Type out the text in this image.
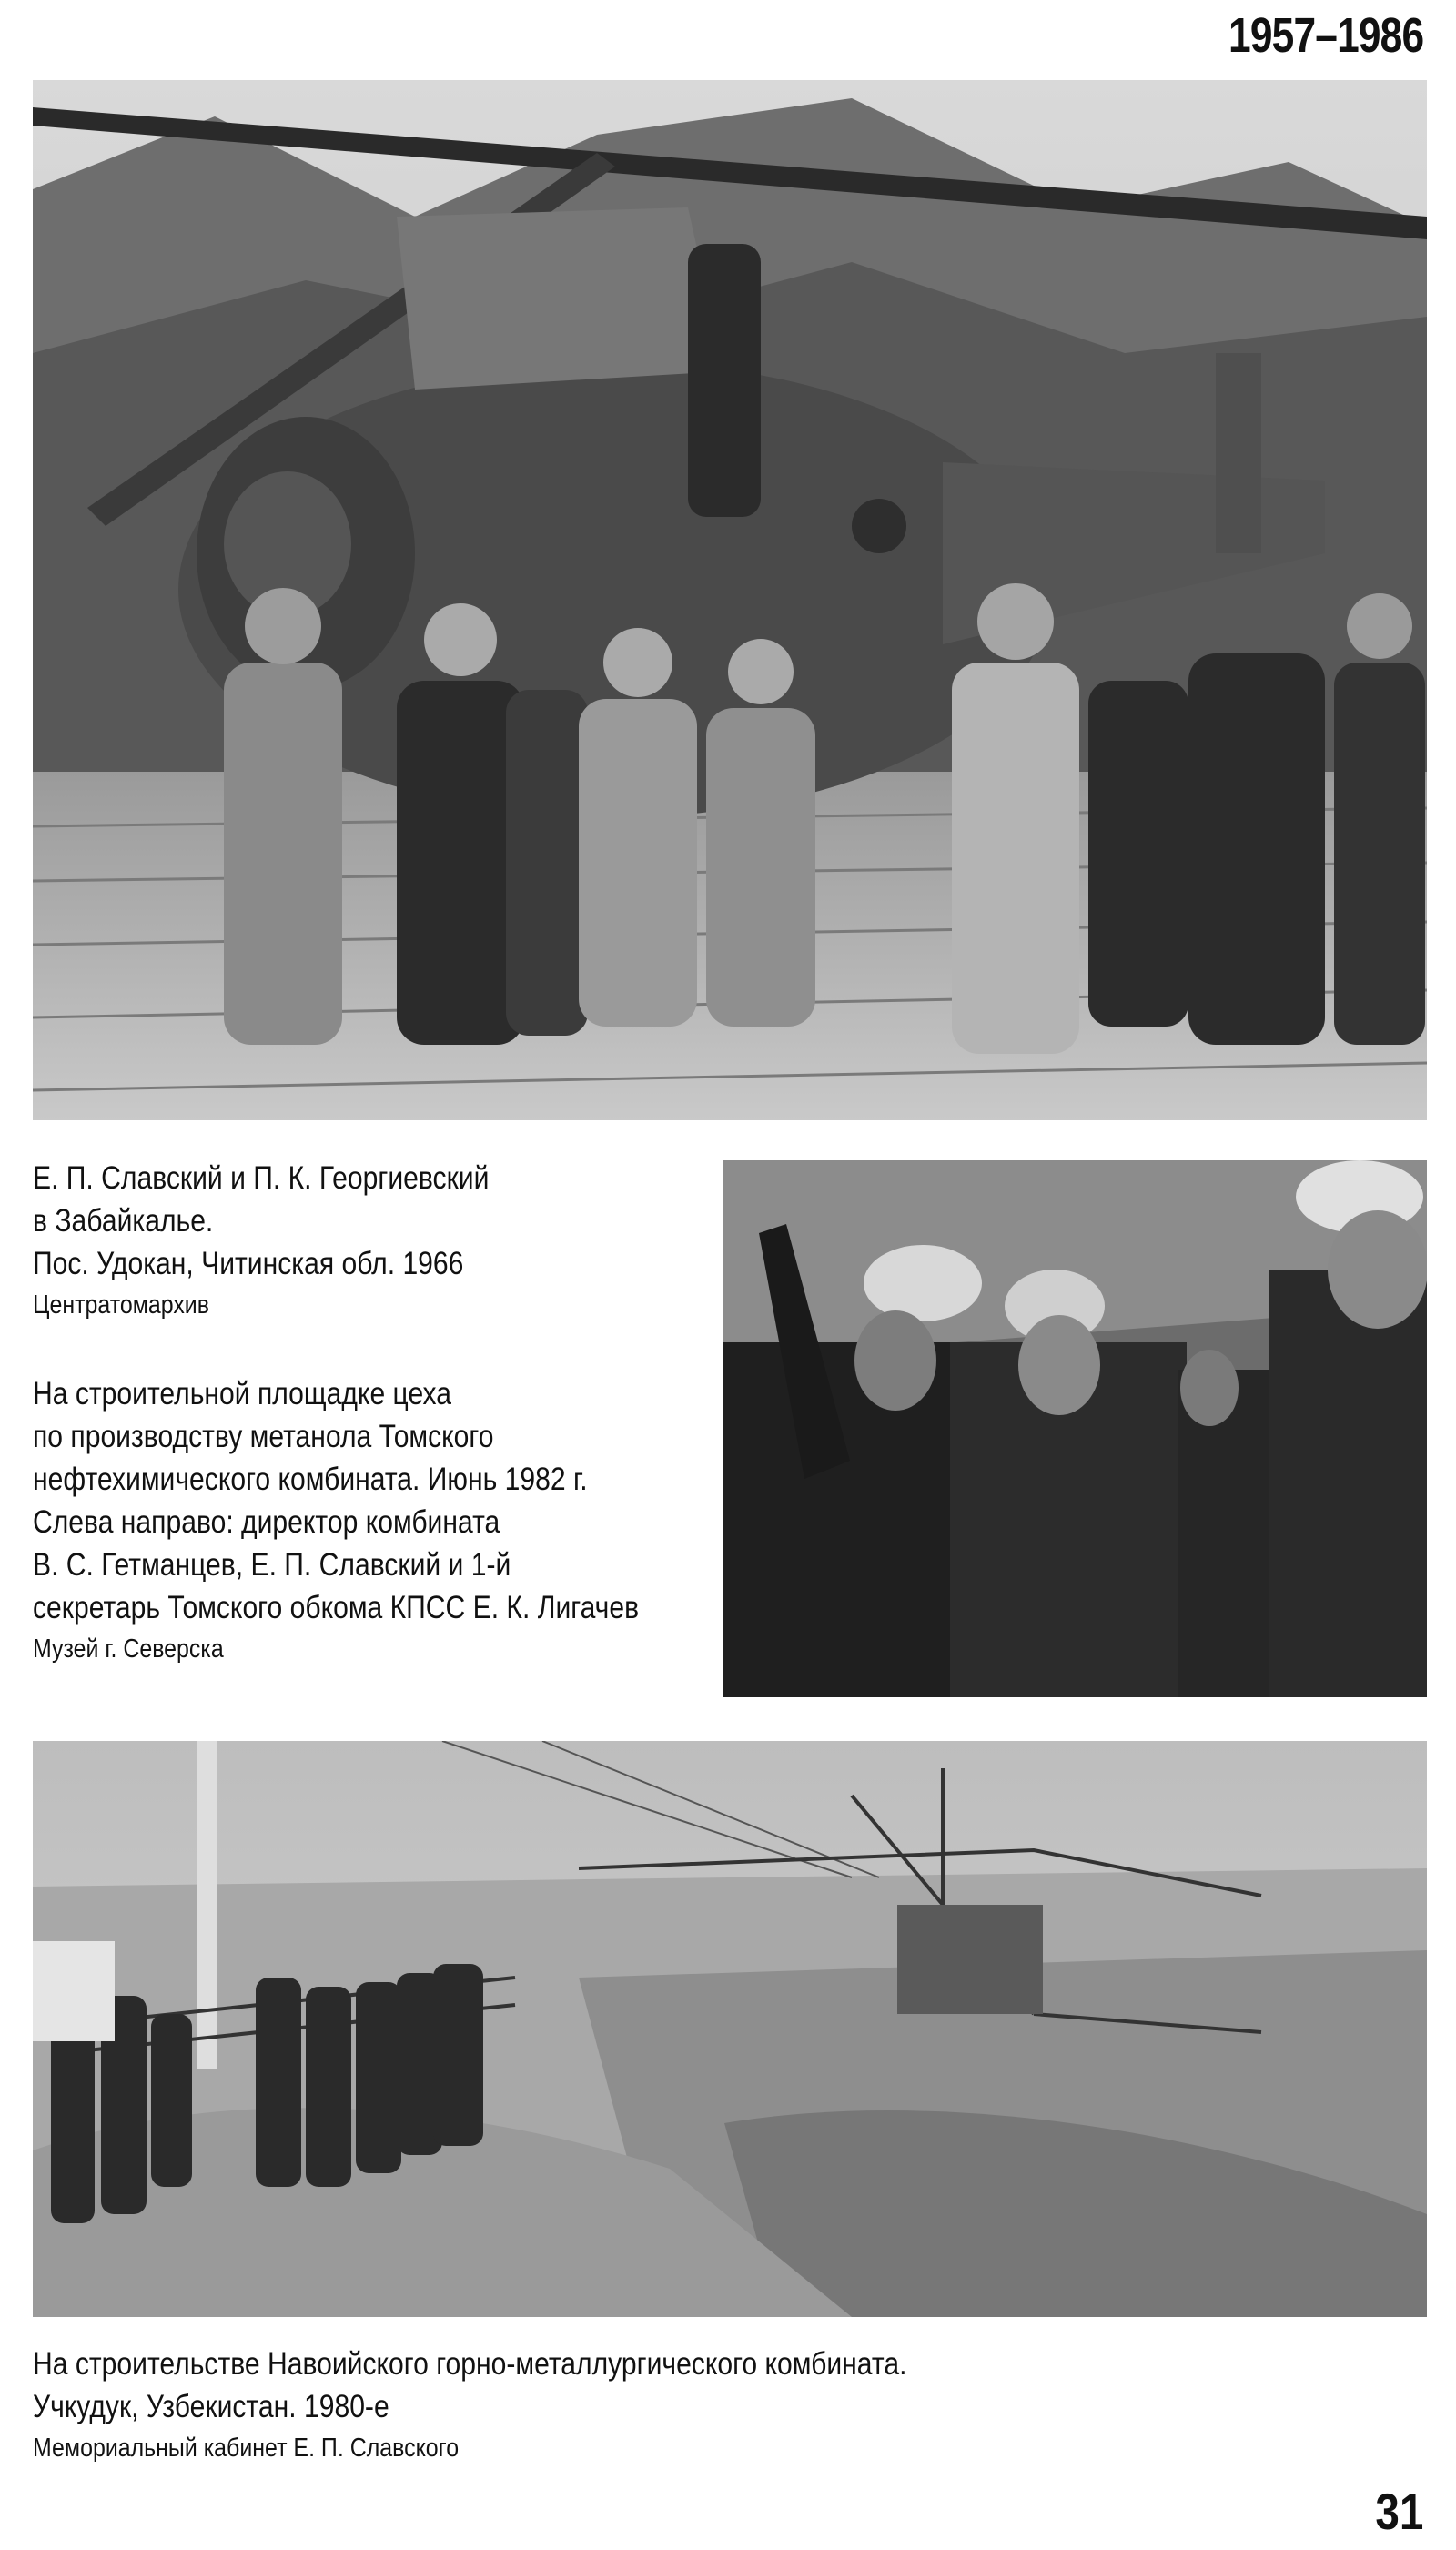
1957–1986
Е. П. Славский и П. К. Георгиевский
в Забайкалье.
Пос. Удокан, Читинская обл. 1966
Центратомархив
На строительной площадке цеха
по производству метанола Томского
нефтехимического комбината. Июнь 1982 г.
Слева направо: директор комбината
В. С. Гетманцев, Е. П. Славский и 1-й
секретарь Томского обкома КПСС Е. К. Лигачев
Музей г. Северска
На строительстве Навоийского горно-металлургического комбината.
Учкудук, Узбекистан. 1980-е
Мемориальный кабинет Е. П. Славского
31
